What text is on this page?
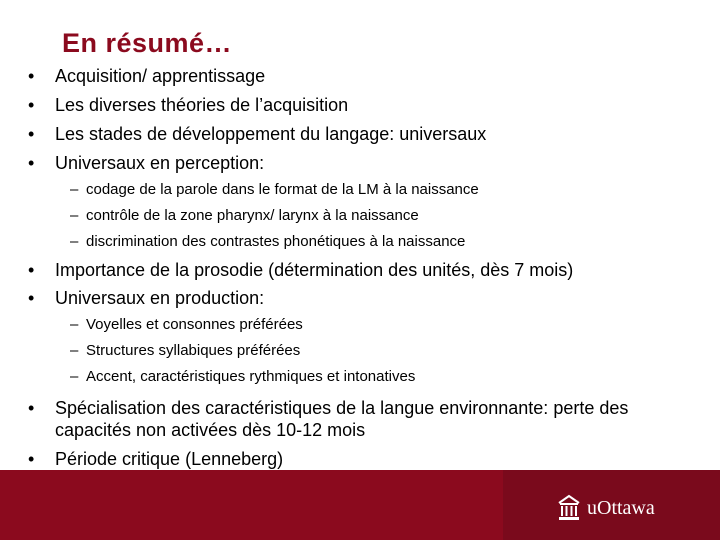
En résumé…
• Acquisition/ apprentissage
• Les diverses théories de l’acquisition
• Les stades de développement du langage: universaux
• Universaux en perception:
– codage de la parole dans le format de la LM à la naissance
– contrôle de la zone pharynx/ larynx à la naissance
– discrimination des contrastes phonétiques à la naissance
• Importance de la prosodie (détermination des unités, dès 7 mois)
• Universaux en production:
– Voyelles et consonnes préférées
– Structures syllabiques préférées
– Accent, caractéristiques rythmiques et intonatives
• Spécialisation des caractéristiques de la langue environnante: perte des capacités non activées dès 10-12 mois
• Période critique (Lenneberg)
uOttawa
